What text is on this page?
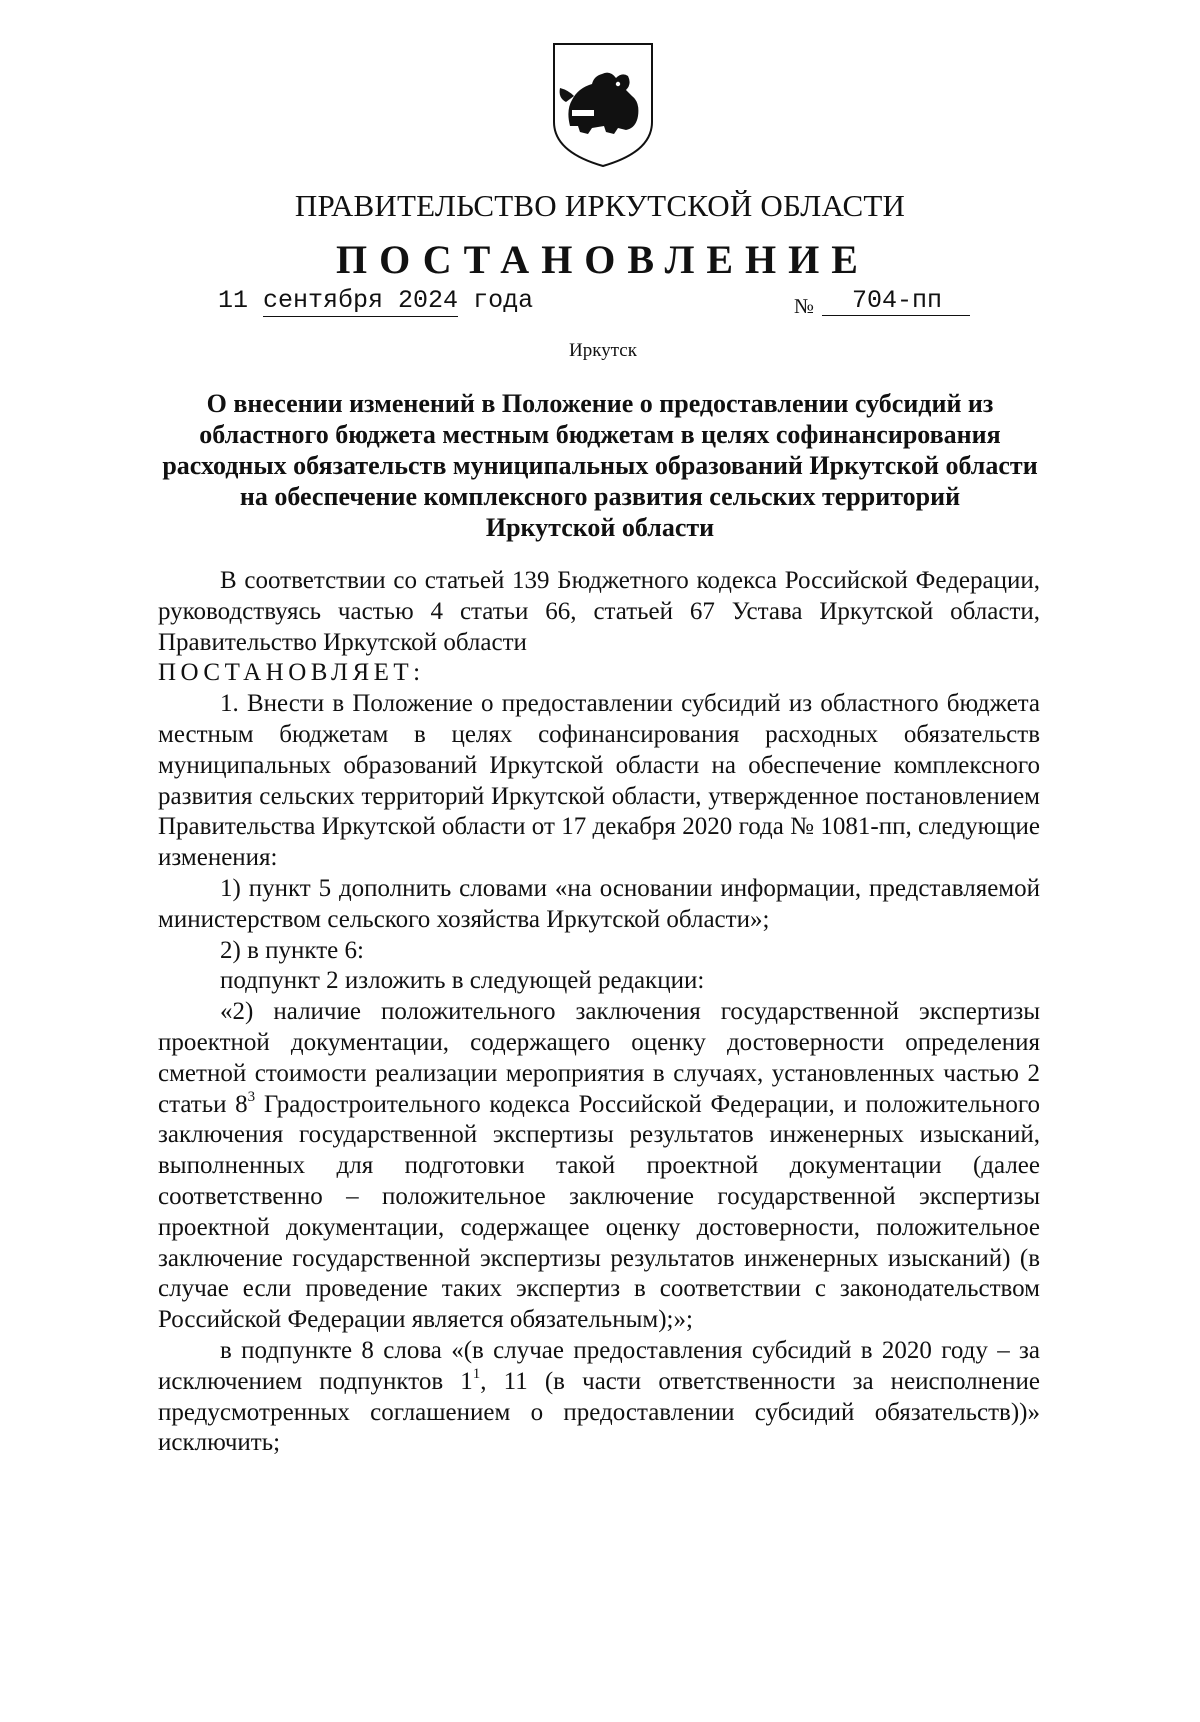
ПРАВИТЕЛЬСТВО ИРКУТСКОЙ ОБЛАСТИ
ПОСТАНОВЛЕНИЕ
11 сентября 2024 года	$_№$ 704-пп
Иркутск
О внесении изменений в Положение о предоставлении субсидий из
областного бюджета местным бюджетам в целях софинансирования
расходных обязательств муниципальных образований Иркутской области
на обеспечение комплексного развития сельских территорий
Иркутской области

В соответствии со статьей 139 Бюджетного кодекса Российской Федерации, руководствуясь частью 4 статьи 66, статьей 67 Устава Иркутской области, Правительство Иркутской области

ПОСТАНОВЛЯЕТ:

1. Внести в Положение о предоставлении субсидий из областного бюджета местным бюджетам в целях софинансирования расходных обязательств муниципальных образований Иркутской области на обеспечение комплексного развития сельских территорий Иркутской области, утвержденное постановлением Правительства Иркутской области от 17 декабря 2020 года № 1081-пп, следующие изменения:

1) пункт 5 дополнить словами «на основании информации, представляемой министерством сельского хозяйства Иркутской области»;

2) в пункте 6:

подпункт 2 изложить в следующей редакции:

«2) наличие положительного заключения государственной экспертизы проектной документации, содержащего оценку достоверности определения сметной стоимости реализации мероприятия в случаях, установленных частью 2 статьи $8^3$ Градостроительного кодекса Российской Федерации, и положительного заключения государственной экспертизы результатов инженерных изысканий, выполненных для подготовки такой проектной документации (далее соответственно – положительное заключение государственной экспертизы проектной документации, содержащее оценку достоверности, положительное заключение государственной экспертизы результатов инженерных изысканий) (в случае если проведение таких экспертиз в соответствии с законодательством Российской Федерации является обязательным);»;

в подпункте 8 слова «(в случае предоставления субсидий в 2020 году – за исключением подпунктов $1^1$, 11 (в части ответственности за неисполнение предусмотренных соглашением о предоставлении субсидий обязательств))» исключить;
